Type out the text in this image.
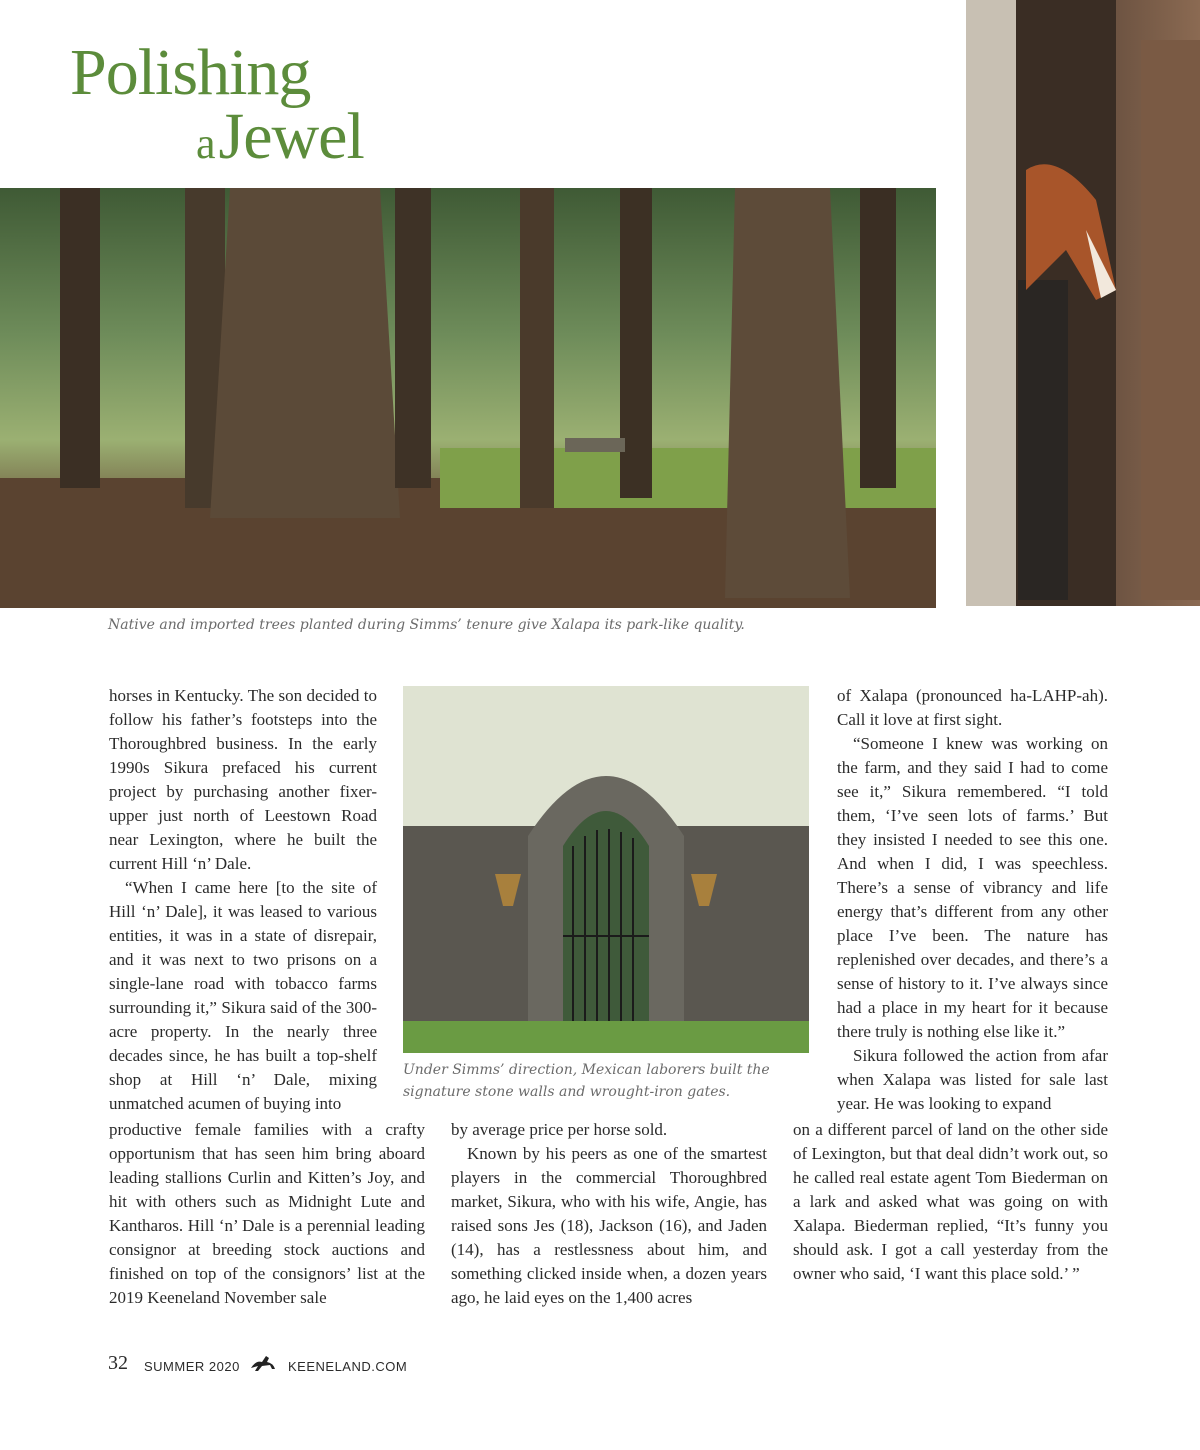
Polishing
aJewel
Native and imported trees planted during Simms’ tenure give Xalapa its park-like quality.
Under Simms’ direction, Mexican laborers built the signature stone walls and wrought-iron gates.

horses in Kentucky. The son decided to follow his father’s footsteps into the Thoroughbred business. In the early 1990s Sikura prefaced his current project by purchasing another fixer-upper just north of Leestown Road near Lexington, where he built the current Hill ‘n’ Dale.

“When I came here [to the site of Hill ‘n’ Dale], it was leased to various entities, it was in a state of disrepair, and it was next to two prisons on a single-lane road with tobacco farms surrounding it,” Sikura said of the 300-acre property. In the nearly three decades since, he has built a top-shelf shop at Hill ‘n’ Dale, mixing unmatched acumen of buying into

productive female families with a crafty opportunism that has seen him bring aboard leading stallions Curlin and Kitten’s Joy, and hit with others such as Midnight Lute and Kantharos. Hill ‘n’ Dale is a perennial leading consignor at breeding stock auctions and finished on top of the consignors’ list at the 2019 Keeneland November sale

by average price per horse sold.

Known by his peers as one of the smartest players in the commercial Thoroughbred market, Sikura, who with his wife, Angie, has raised sons Jes (18), Jackson (16), and Jaden (14), has a restlessness about him, and something clicked inside when, a dozen years ago, he laid eyes on the 1,400 acres

of Xalapa (pronounced ha-LAHP-ah). Call it love at first sight.

“Someone I knew was working on the farm, and they said I had to come see it,” Sikura remembered. “I told them, ‘I’ve seen lots of farms.’ But they insisted I needed to see this one. And when I did, I was speechless. There’s a sense of vibrancy and life energy that’s different from any other place I’ve been. The nature has replenished over decades, and there’s a sense of history to it. I’ve always since had a place in my heart for it because there truly is nothing else like it.”

Sikura followed the action from afar when Xalapa was listed for sale last year. He was looking to expand

on a different parcel of land on the other side of Lexington, but that deal didn’t work out, so he called real estate agent Tom Biederman on a lark and asked what was going on with Xalapa. Biederman replied, “It’s funny you should ask. I got a call yesterday from the owner who said, ‘I want this place sold.’ ”

32 SUMMER 2020	KEENELAND.COM
